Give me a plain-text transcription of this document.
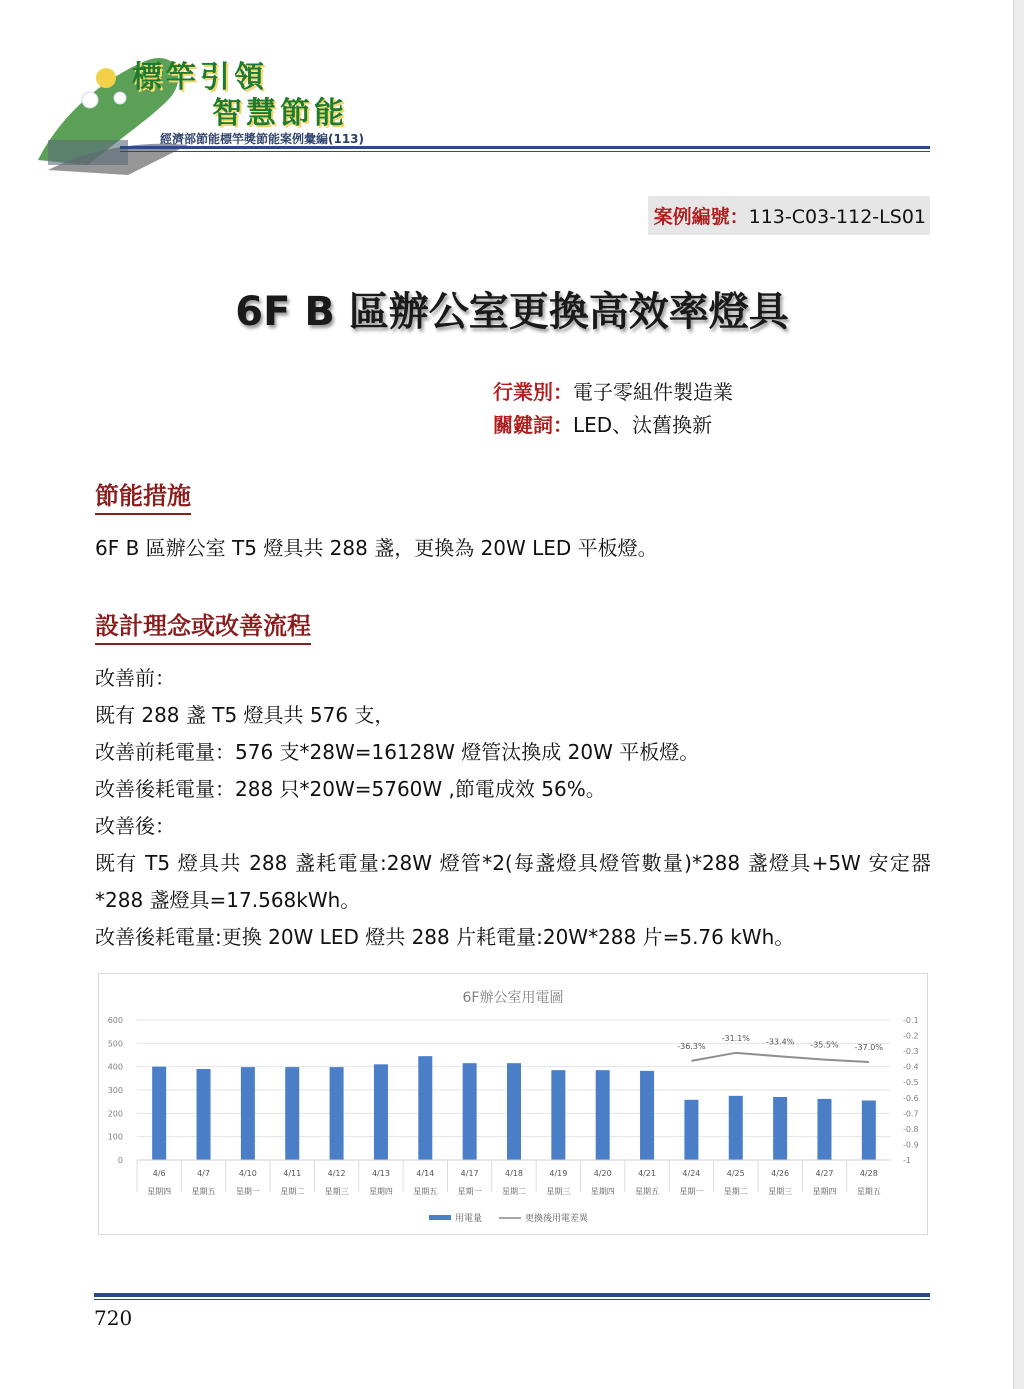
標竿引領
智慧節能
經濟部節能標竿獎節能案例彙編(113)
案例編號：113-C03-112-LS01
6F B 區辦公室更換高效率燈具
行業別：電子零組件製造業
關鍵詞：LED、汰舊換新
節能措施
6F B 區辦公室 T5 燈具共 288 盞，更換為 20W LED 平板燈。
設計理念或改善流程
改善前：
既有 288 盞 T5 燈具共 576 支，
改善前耗電量：576 支*28W=16128W 燈管汰換成 20W 平板燈。
改善後耗電量：288 只*20W=5760W ,節電成效 56%。
改善後：
既有 T5 燈具共 288 盞耗電量:28W 燈管*2(每盞燈具燈管數量)*288 盞燈具+5W 安定器*288 盞燈具=17.568kWh。
改善後耗電量:更換 20W LED 燈共 288 片耗電量:20W*288 片=5.76 kWh。
6F辦公室用電圖
600
500
400
300
200
100
0
-0.1
-0.2
-0.3
-0.4
-0.5
-0.6
-0.7
-0.8
-0.9
-1
4/6
星期四
4/7
星期五
4/10
星期一
4/11
星期二
4/12
星期三
4/13
星期四
4/14
星期五
4/17
星期一
4/18
星期二
4/19
星期三
4/20
星期四
4/21
星期五
4/24
星期一
4/25
星期二
4/26
星期三
4/27
星期四
4/28
星期五
-36.3%
-31.1% -33.4% -35.5% -37.0%
用電量	更換後用電差異
720
